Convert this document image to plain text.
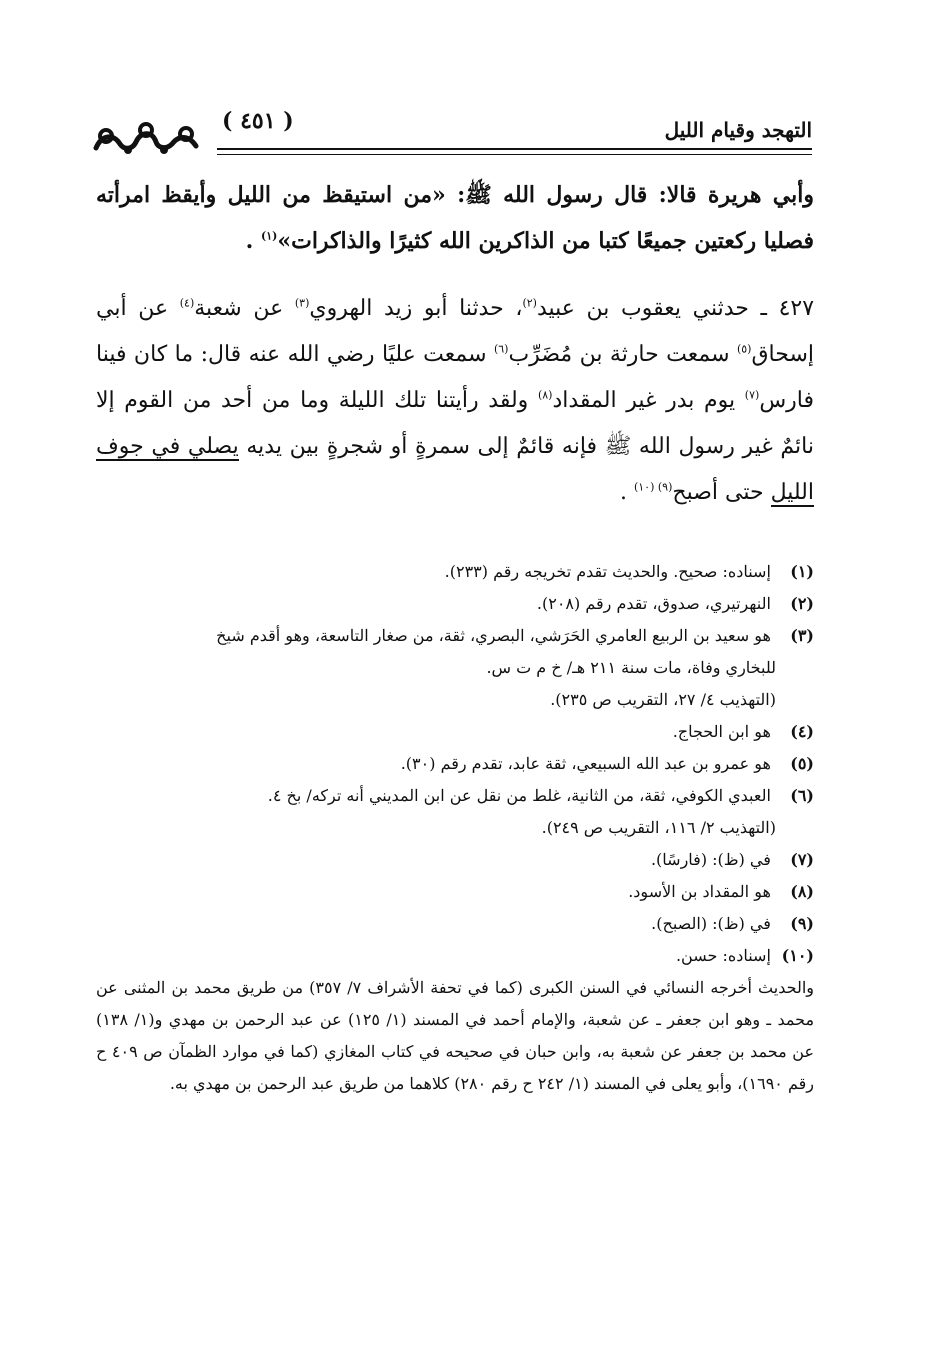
( ٤٥١ )	التهجد وقيام الليل

وأبي هريرة قالا: قال رسول الله ﷺ: «من استيقظ من الليل وأيقظ امرأته فصليا ركعتين جميعًا كتبا من الذاكرين الله كثيرًا والذاكرات»$^{(١)}$ .

٤٢٧ ـ حدثني يعقوب بن عبيد$^{(٢)}$، حدثنا أبو زيد الهروي$^{(٣)}$ عن شعبة$^{(٤)}$ عن أبي إسحاق$^{(٥)}$ سمعت حارثة بن مُضَرِّب$^{(٦)}$ سمعت عليًا رضي الله عنه قال: ما كان فينا فارس$^{(٧)}$ يوم بدر غير المقداد$^{(٨)}$ ولقد رأيتنا تلك الليلة وما من أحد من القوم إلا نائمٌ غير رسول الله ﷺ فإنه قائمٌ إلى سمرةٍ أو شجرةٍ بين يديه يصلي في جوف الليل حتى أصبح$^{(٩) (١٠)}$ .

(١) إسناده: صحيح. والحديث تقدم تخريجه رقم (٢٣٣).

(٢) النهرتيري، صدوق، تقدم رقم (٢٠٨).

(٣) هو سعيد بن الربيع العامري الحَرَشي، البصري، ثقة، من صغار التاسعة، وهو أقدم شيخ

للبخاري وفاة، مات سنة ٢١١ هـ/ خ م ت س.

(التهذيب ٤/ ٢٧، التقريب ص ٢٣٥).

(٤) هو ابن الحجاج.

(٥) هو عمرو بن عبد الله السبيعي، ثقة عابد، تقدم رقم (٣٠).

(٦) العبدي الكوفي، ثقة، من الثانية، غلط من نقل عن ابن المديني أنه تركه/ بخ ٤.

(التهذيب ٢/ ١١٦، التقريب ص ٢٤٩).

(٧) في (ظ): (فارسًا).

(٨) هو المقداد بن الأسود.

(٩) في (ظ): (الصبح).

(١٠) إسناده: حسن.

والحديث أخرجه النسائي في السنن الكبرى (كما في تحفة الأشراف ٧/ ٣٥٧) من طريق محمد بن المثنى عن محمد ـ وهو ابن جعفر ـ عن شعبة، والإمام أحمد في المسند (١/ ١٢٥) عن عبد الرحمن بن مهدي و(١/ ١٣٨) عن محمد بن جعفر عن شعبة به، وابن حبان في صحيحه في كتاب المغازي (كما في موارد الظمآن ص ٤٠٩ ح رقم ١٦٩٠)، وأبو يعلى في المسند (١/ ٢٤٢ ح رقم ٢٨٠) كلاهما من طريق عبد الرحمن بن مهدي به.
